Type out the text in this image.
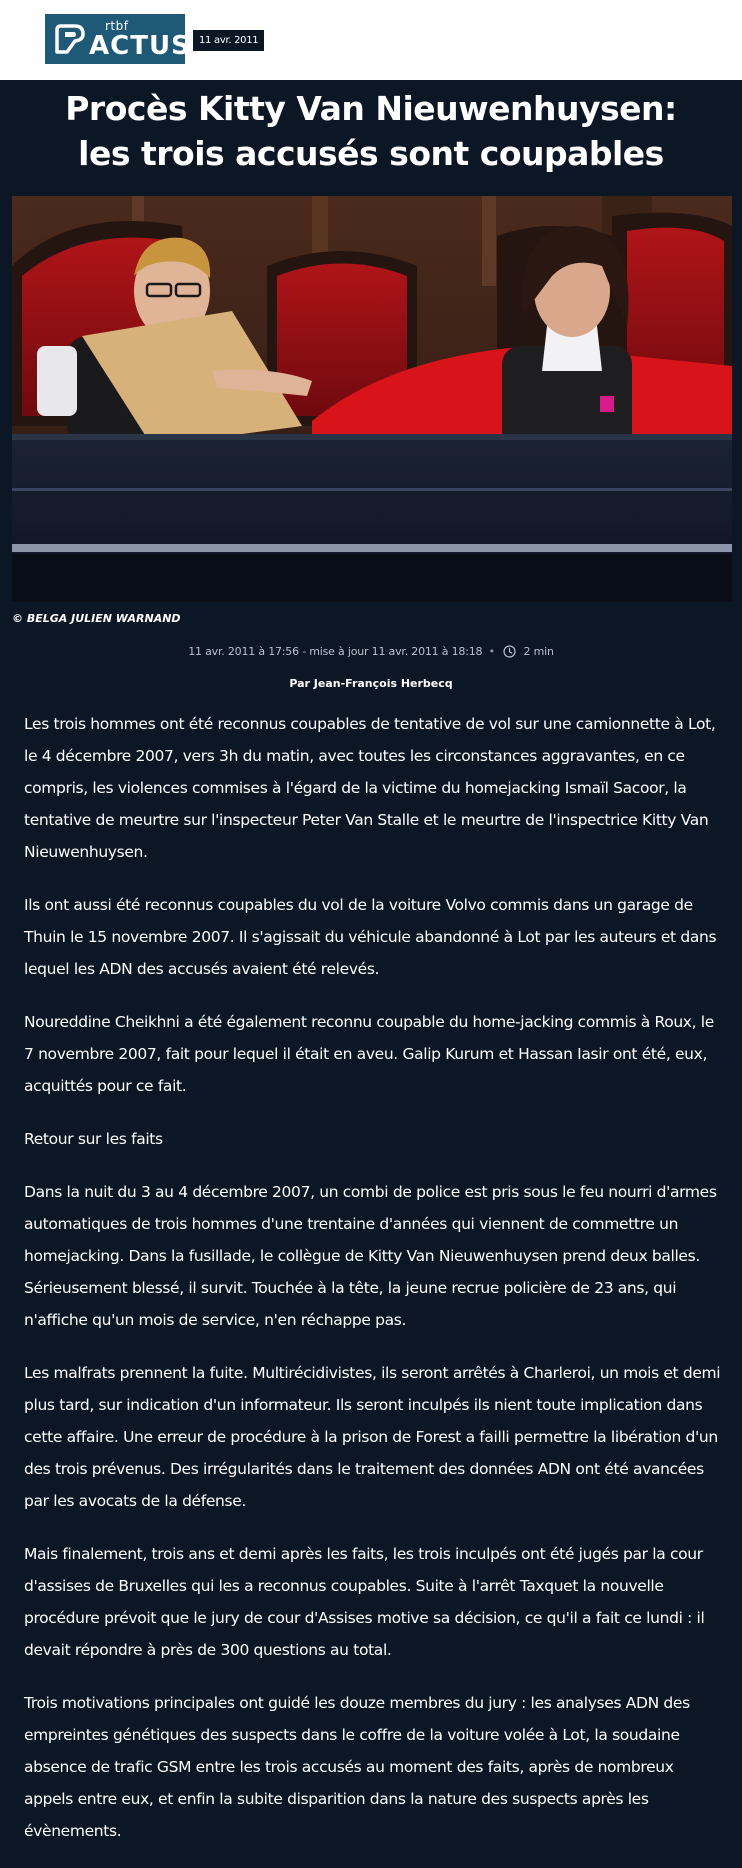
rtbf
ACTUS 11 avr. 2011
Procès Kitty Van Nieuwenhuysen:
les trois accusés sont coupables
© BELGA JULIEN WARNAND
11 avr. 2011 à 17:56 - mise à jour 11 avr. 2011 à 18:18 •	2 min
Par Jean-François Herbecq

Les trois hommes ont été reconnus coupables de tentative de vol sur une camionnette à Lot, le 4 décembre 2007, vers 3h du matin, avec toutes les circonstances aggravantes, en ce compris, les violences commises à l'égard de la victime du homejacking Ismaïl Sacoor, la tentative de meurtre sur l'inspecteur Peter Van Stalle et le meurtre de l'inspectrice Kitty Van Nieuwenhuysen.

Ils ont aussi été reconnus coupables du vol de la voiture Volvo commis dans un garage de Thuin le 15 novembre 2007. Il s'agissait du véhicule abandonné à Lot par les auteurs et dans lequel les ADN des accusés avaient été relevés.

Noureddine Cheikhni a été également reconnu coupable du home-jacking commis à Roux, le 7 novembre 2007, fait pour lequel il était en aveu. Galip Kurum et Hassan Iasir ont été, eux, acquittés pour ce fait.

Retour sur les faits

Dans la nuit du 3 au 4 décembre 2007, un combi de police est pris sous le feu nourri d'armes automatiques de trois hommes d'une trentaine d'années qui viennent de commettre un homejacking. Dans la fusillade, le collègue de Kitty Van Nieuwenhuysen prend deux balles. Sérieusement blessé, il survit. Touchée à la tête, la jeune recrue policière de 23 ans, qui n'affiche qu'un mois de service, n'en réchappe pas.

Les malfrats prennent la fuite. Multirécidivistes, ils seront arrêtés à Charleroi, un mois et demi plus tard, sur indication d'un informateur. Ils seront inculpés ils nient toute implication dans cette affaire. Une erreur de procédure à la prison de Forest a failli permettre la libération d'un des trois prévenus. Des irrégularités dans le traitement des données ADN ont été avancées par les avocats de la défense.

Mais finalement, trois ans et demi après les faits, les trois inculpés ont été jugés par la cour d'assises de Bruxelles qui les a reconnus coupables. Suite à l'arrêt Taxquet la nouvelle procédure prévoit que le jury de cour d'Assises motive sa décision, ce qu'il a fait ce lundi : il devait répondre à près de 300 questions au total.

Trois motivations principales ont guidé les douze membres du jury : les analyses ADN des empreintes génétiques des suspects dans le coffre de la voiture volée à Lot, la soudaine absence de trafic GSM entre les trois accusés au moment des faits, après de nombreux appels entre eux, et enfin la subite disparition dans la nature des suspects après les évènements.
